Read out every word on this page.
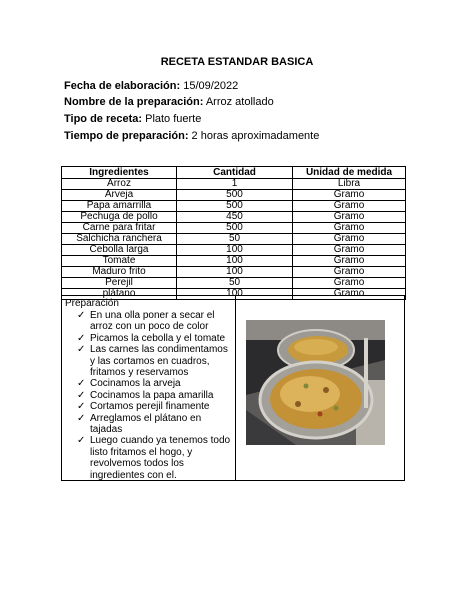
RECETA ESTANDAR BASICA
Fecha de elaboración: 15/09/2022
Nombre de la preparación: Arroz atollado
Tipo de receta: Plato fuerte
Tiempo de preparación: 2 horas aproximadamente
Ingredientes	Cantidad	Unidad de medida
Arroz	1	Libra
Arveja	500	Gramo
Papa amarrilla	500	Gramo
Pechuga de pollo	450	Gramo
Carne para fritar	500	Gramo
Salchicha ranchera	50	Gramo
Cebolla larga	100	Gramo
Tomate	100	Gramo
Maduro frito	100	Gramo
Perejil	50	Gramo
plátano	100	Gramo
Preparación
✓ En una olla poner a secar el arroz con un poco de color
✓ Picamos la cebolla y el tomate
✓ Las carnes las condimentamos y las cortamos en cuadros, fritamos y reservamos
✓ Cocinamos la arveja
✓ Cocinamos la papa amarilla
✓ Cortamos perejil finamente
✓ Arreglamos el plátano en tajadas
✓ Luego cuando ya tenemos todo listo fritamos el hogo, y revolvemos todos los ingredientes con el.
